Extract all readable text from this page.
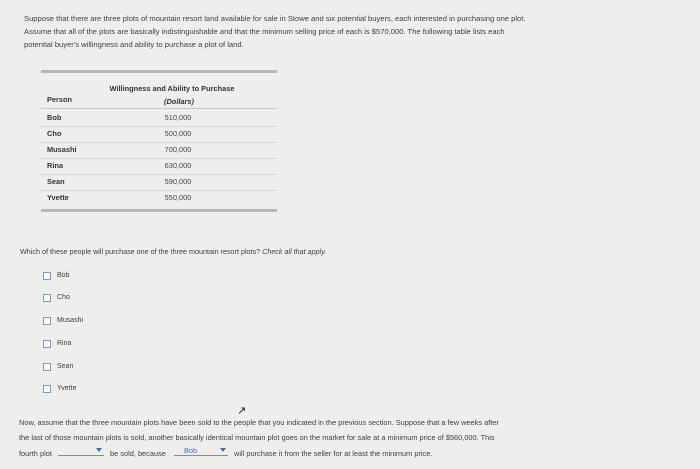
Suppose that there are three plots of mountain resort land available for sale in Stowe and six potential buyers, each interested in purchasing one plot.
Assume that all of the plots are basically indistinguishable and that the minimum selling price of each is $570,000. The following table lists each
potential buyer's willingness and ability to purchase a plot of land.
Willingness and Ability to Purchase
Person	(Dollars)
Bob	510,000
Cho	500,000
Musashi	700,000
Rina	630,000
Sean	590,000
Yvette	550,000
Which of these people will purchase one of the three mountain resort plots? Check all that apply.
Bob
Cho
Musashi
Rina
Sean
Yvette
↗
Now, assume that the three mountain plots have been sold to the people that you indicated in the previous section. Suppose that a few weeks after
the last of those mountain plots is sold, another basically identical mountain plot goes on the market for sale at a minimum price of $560,000. This
fourth plot	be sold, because Bob	will purchase it from the seller for at least the minimum price.
